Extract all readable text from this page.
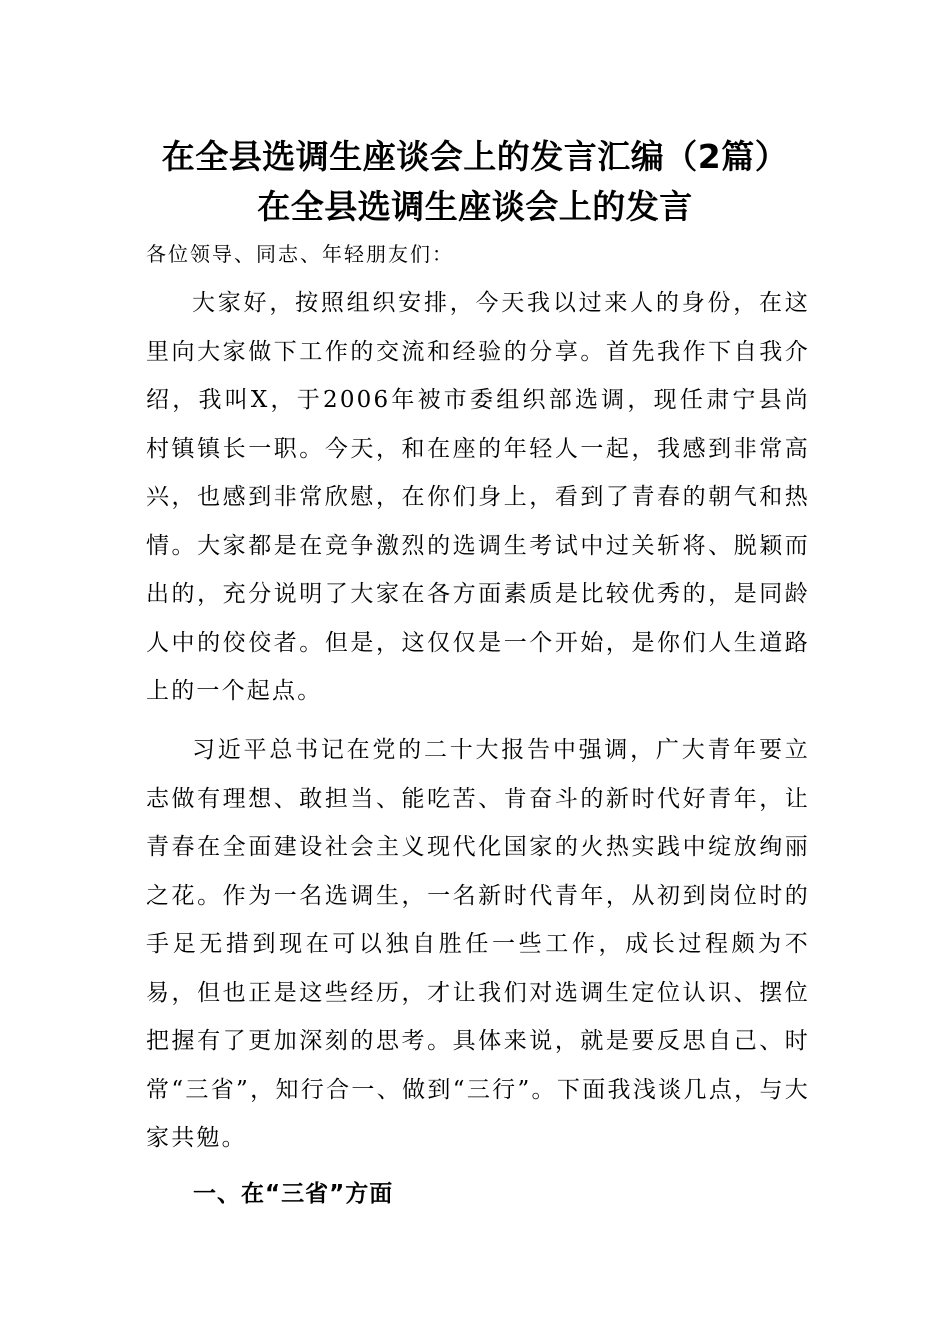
在全县选调生座谈会上的发言汇编（2篇）
在全县选调生座谈会上的发言
各位领导、同志、年轻朋友们：

大家好，按照组织安排，今天我以过来人的身份，在这里向大家做下工作的交流和经验的分享。首先我作下自我介绍，我叫X，于2006年被市委组织部选调，现任肃宁县尚村镇镇长一职。今天，和在座的年轻人一起，我感到非常高兴，也感到非常欣慰，在你们身上，看到了青春的朝气和热情。大家都是在竞争激烈的选调生考试中过关斩将、脱颖而出的，充分说明了大家在各方面素质是比较优秀的，是同龄人中的佼佼者。但是，这仅仅是一个开始，是你们人生道路上的一个起点。

习近平总书记在党的二十大报告中强调，广大青年要立志做有理想、敢担当、能吃苦、肯奋斗的新时代好青年，让青春在全面建设社会主义现代化国家的火热实践中绽放绚丽之花。作为一名选调生，一名新时代青年，从初到岗位时的手足无措到现在可以独自胜任一些工作，成长过程颇为不易，但也正是这些经历，才让我们对选调生定位认识、摆位把握有了更加深刻的思考。具体来说，就是要反思自己、时常“三省”，知行合一、做到“三行”。下面我浅谈几点，与大家共勉。

一、在“三省”方面
